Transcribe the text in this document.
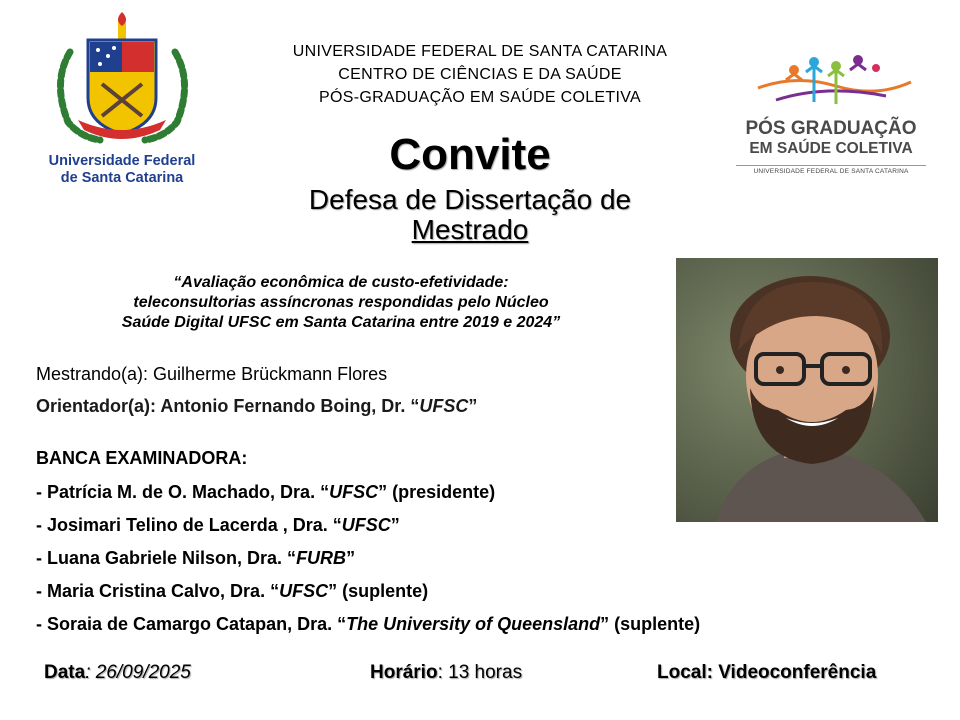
Universidade Federal
de Santa Catarina
UNIVERSIDADE FEDERAL DE SANTA CATARINA
CENTRO DE CIÊNCIAS E DA SAÚDE
PÓS-GRADUAÇÃO EM SAÚDE COLETIVA
PÓS GRADUAÇÃO
EM SAÚDE COLETIVA
UNIVERSIDADE FEDERAL DE SANTA CATARINA
Convite
Defesa de Dissertação de
Mestrado
“Avaliação econômica de custo-efetividade:
teleconsultorias assíncronas respondidas pelo Núcleo
Saúde Digital UFSC em Santa Catarina entre 2019 e 2024”
Mestrando(a): Guilherme Brückmann Flores
Orientador(a): Antonio Fernando Boing, Dr. “UFSC”
BANCA EXAMINADORA:
- Patrícia M. de O. Machado, Dra. “UFSC” (presidente)
- Josimari Telino de Lacerda , Dra. “UFSC”
- Luana Gabriele Nilson, Dra. “FURB”
- Maria Cristina Calvo, Dra. “UFSC” (suplente)
- Soraia de Camargo Catapan, Dra. “The University of Queensland” (suplente)
Data: 26/09/2025	Horário: 13 horas	Local: Videoconferência
